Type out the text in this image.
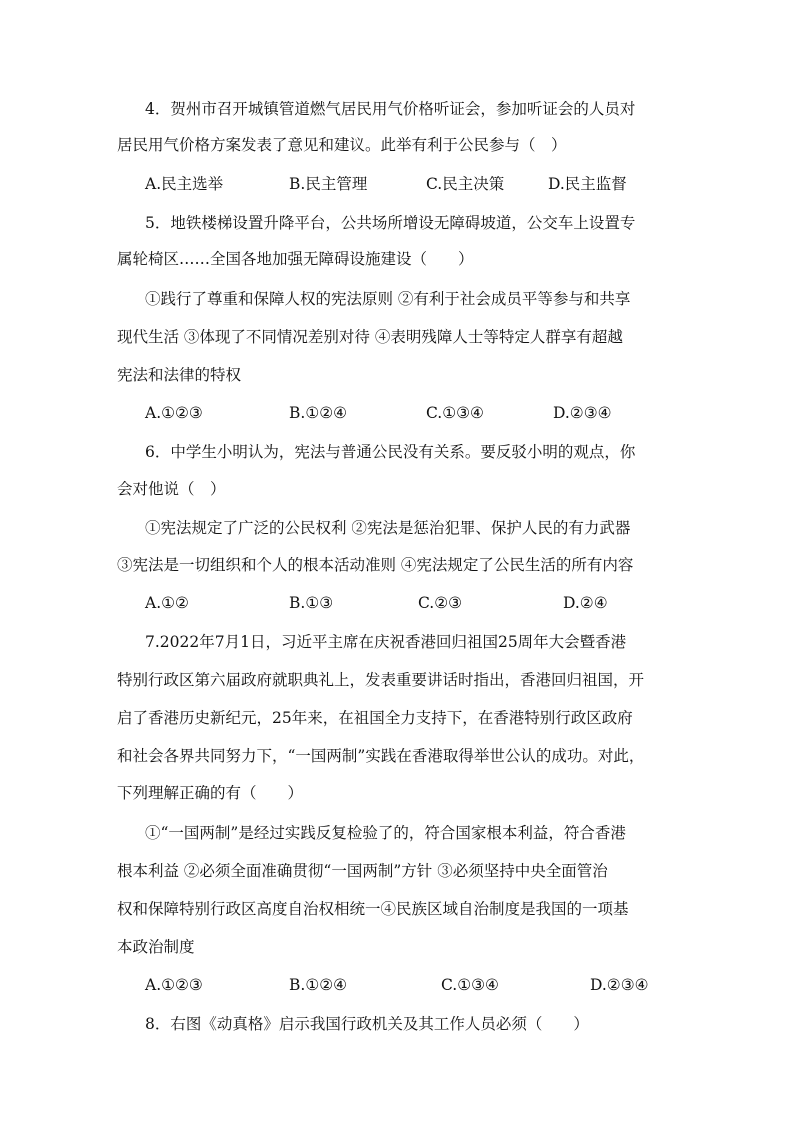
4．贺州市召开城镇管道燃气居民用气价格听证会，参加听证会的人员对
居民用气价格方案发表了意见和建议。此举有利于公民参与（　）
A.民主选举	B.民主管理	C.民主决策	D.民主监督
5．地铁楼梯设置升降平台，公共场所增设无障碍坡道，公交车上设置专
属轮椅区……全国各地加强无障碍设施建设（　　）
①践行了尊重和保障人权的宪法原则 ②有利于社会成员平等参与和共享
现代生活 ③体现了不同情况差别对待 ④表明残障人士等特定人群享有超越
宪法和法律的特权
A.①②③	B.①②④	C.①③④	D.②③④
6．中学生小明认为，宪法与普通公民没有关系。要反驳小明的观点，你
会对他说（　）
①宪法规定了广泛的公民权利 ②宪法是惩治犯罪、保护人民的有力武器
③宪法是一切组织和个人的根本活动准则 ④宪法规定了公民生活的所有内容
A.①②	B.①③	C.②③	D.②④
7.2022年7月1日，习近平主席在庆祝香港回归祖国25周年大会暨香港
特别行政区第六届政府就职典礼上，发表重要讲话时指出，香港回归祖国，开
启了香港历史新纪元，25年来，在祖国全力支持下，在香港特别行政区政府
和社会各界共同努力下，“一国两制”实践在香港取得举世公认的成功。对此，
下列理解正确的有（　　）
①“一国两制”是经过实践反复检验了的，符合国家根本利益，符合香港
根本利益 ②必须全面准确贯彻“一国两制”方针 ③必须坚持中央全面管治
权和保障特别行政区高度自治权相统一④民族区域自治制度是我国的一项基
本政治制度
A.①②③	B.①②④	C.①③④	D.②③④
8．右图《动真格》启示我国行政机关及其工作人员必须（　　）
